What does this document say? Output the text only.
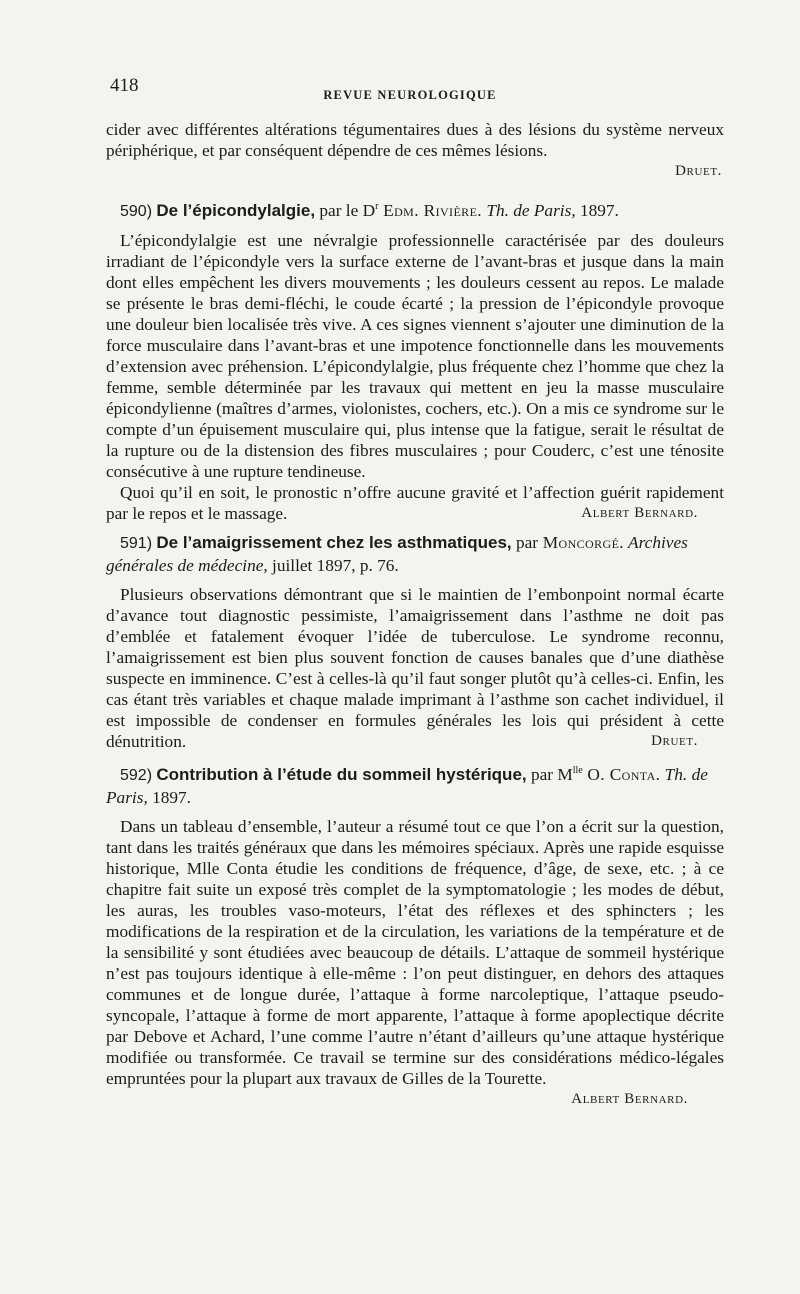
418	REVUE NEUROLOGIQUE

cider avec différentes altérations tégumentaires dues à des lésions du système nerveux périphérique, et par conséquent dépendre de ces mêmes lésions.

Druet.
590) De l’épicondylalgie, par le $D^r$ Edm. Rivière. Th. de Paris, 1897.

L’épicondylalgie est une névralgie professionnelle caractérisée par des douleurs irradiant de l’épicondyle vers la surface externe de l’avant-bras et jusque dans la main dont elles empêchent les divers mouvements ; les douleurs cessent au repos. Le malade se présente le bras demi-fléchi, le coude écarté ; la pression de l’épicondyle provoque une douleur bien localisée très vive. A ces signes viennent s’ajouter une diminution de la force musculaire dans l’avant-bras et une impotence fonctionnelle dans les mouvements d’extension avec préhension. L’épicondylalgie, plus fréquente chez l’homme que chez la femme, semble déterminée par les travaux qui mettent en jeu la masse musculaire épicondylienne (maîtres d’armes, violonistes, cochers, etc.). On a mis ce syndrome sur le compte d’un épuisement musculaire qui, plus intense que la fatigue, serait le résultat de la rupture ou de la distension des fibres musculaires ; pour Couderc, c’est une ténosite consécutive à une rupture tendineuse.

Quoi qu’il en soit, le pronostic n’offre aucune gravité et l’affection guérit rapidement par le repos et le massage.	Albert Bernard.

591) De l’amaigrissement chez les asthmatiques, par Moncorgé. Archives générales de médecine, juillet 1897, p. 76.

Plusieurs observations démontrant que si le maintien de l’embonpoint normal écarte d’avance tout diagnostic pessimiste, l’amaigrissement dans l’asthme ne doit pas d’emblée et fatalement évoquer l’idée de tuberculose. Le syndrome reconnu, l’amaigrissement est bien plus souvent fonction de causes banales que d’une diathèse suspecte en imminence. C’est à celles-là qu’il faut songer plutôt qu’à celles-ci. Enfin, les cas étant très variables et chaque malade imprimant à l’asthme son cachet individuel, il est impossible de condenser en formules générales les lois qui président à cette dénutrition.	Druet.

592) Contribution à l’étude du sommeil hystérique, par $M^{lle}$ O. Conta. Th. de Paris, 1897.

Dans un tableau d’ensemble, l’auteur a résumé tout ce que l’on a écrit sur la question, tant dans les traités généraux que dans les mémoires spéciaux. Après une rapide esquisse historique, Mlle Conta étudie les conditions de fréquence, d’âge, de sexe, etc. ; à ce chapitre fait suite un exposé très complet de la symptomatologie ; les modes de début, les auras, les troubles vaso-moteurs, l’état des réflexes et des sphincters ; les modifications de la respiration et de la circulation, les variations de la température et de la sensibilité y sont étudiées avec beaucoup de détails. L’attaque de sommeil hystérique n’est pas toujours identique à elle-même : l’on peut distinguer, en dehors des attaques communes et de longue durée, l’attaque à forme narcoleptique, l’attaque pseudo-syncopale, l’attaque à forme de mort apparente, l’attaque à forme apoplectique décrite par Debove et Achard, l’une comme l’autre n’étant d’ailleurs qu’une attaque hystérique modifiée ou transformée. Ce travail se termine sur des considérations médico-légales empruntées pour la plupart aux travaux de Gilles de la Tourette.

Albert Bernard.
